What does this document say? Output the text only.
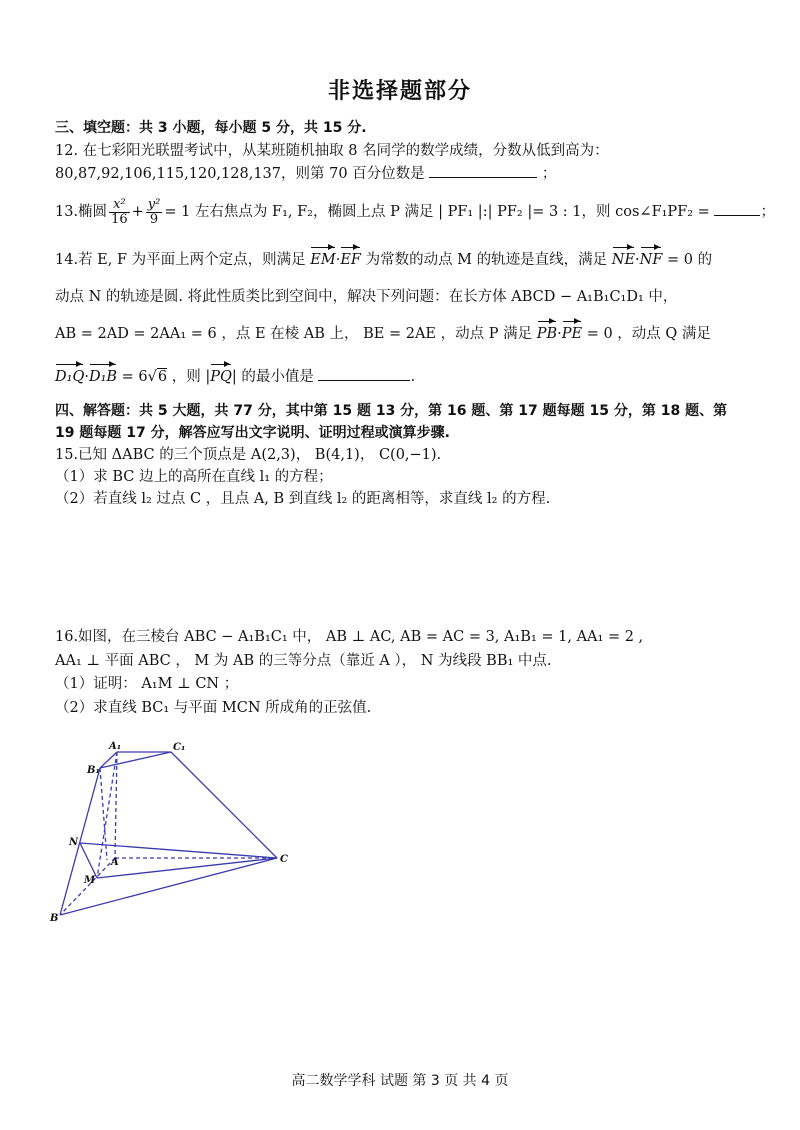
非选择题部分
三、填空题：共 3 小题，每小题 5 分，共 15 分.
12. 在七彩阳光联盟考试中，从某班随机抽取 8 名同学的数学成绩，分数从低到高为：
80,87,92,106,115,120,128,137，则第 70 百分位数是	；
13.椭圆 $\frac{\text{x²}}{16} + \frac{\text{y²}}{9} = 1$ 左右焦点为 F₁, F₂，椭圆上点 P 满足 | PF₁ |:| PF₂ |= 3 : 1，则 cos∠F₁PF₂ =	；
14.若 E, F 为平面上两个定点，则满足 EM·EF 为常数的动点 M 的轨迹是直线，满足 NE·NF = 0 的
动点 N 的轨迹是圆. 将此性质类比到空间中，解决下列问题：在长方体 ABCD − A₁B₁C₁D₁ 中，
AB = 2AD = 2AA₁ = 6 ，点 E 在棱 AB 上， BE = 2AE ，动点 P 满足 PB·PE = 0 ，动点 Q 满足
D₁Q·D₁B = 6√6 ，则 |PQ| 的最小值是	.
四、解答题：共 5 大题，共 77 分，其中第 15 题 13 分，第 16 题、第 17 题每题 15 分，第 18 题、第
19 题每题 17 分，解答应写出文字说明、证明过程或演算步骤.
15.已知 ΔABC 的三个顶点是 A(2,3)， B(4,1)， C(0,−1).
（1）求 BC 边上的高所在直线 l₁ 的方程；
（2）若直线 l₂ 过点 C ，且点 A, B 到直线 l₂ 的距离相等，求直线 l₂ 的方程.
16.如图，在三棱台 ABC − A₁B₁C₁ 中， AB ⊥ AC, AB = AC = 3, A₁B₁ = 1, AA₁ = 2 ,
AA₁ ⊥ 平面 ABC ， M 为 AB 的三等分点（靠近 A ）， N 为线段 BB₁ 中点.
（1）证明： A₁M ⊥ CN ；
（2）求直线 BC₁ 与平面 MCN 所成角的正弦值.
A₁	C₁
B₁
N
A
M
C
B
高二数学学科 试题 第 3 页 共 4 页
